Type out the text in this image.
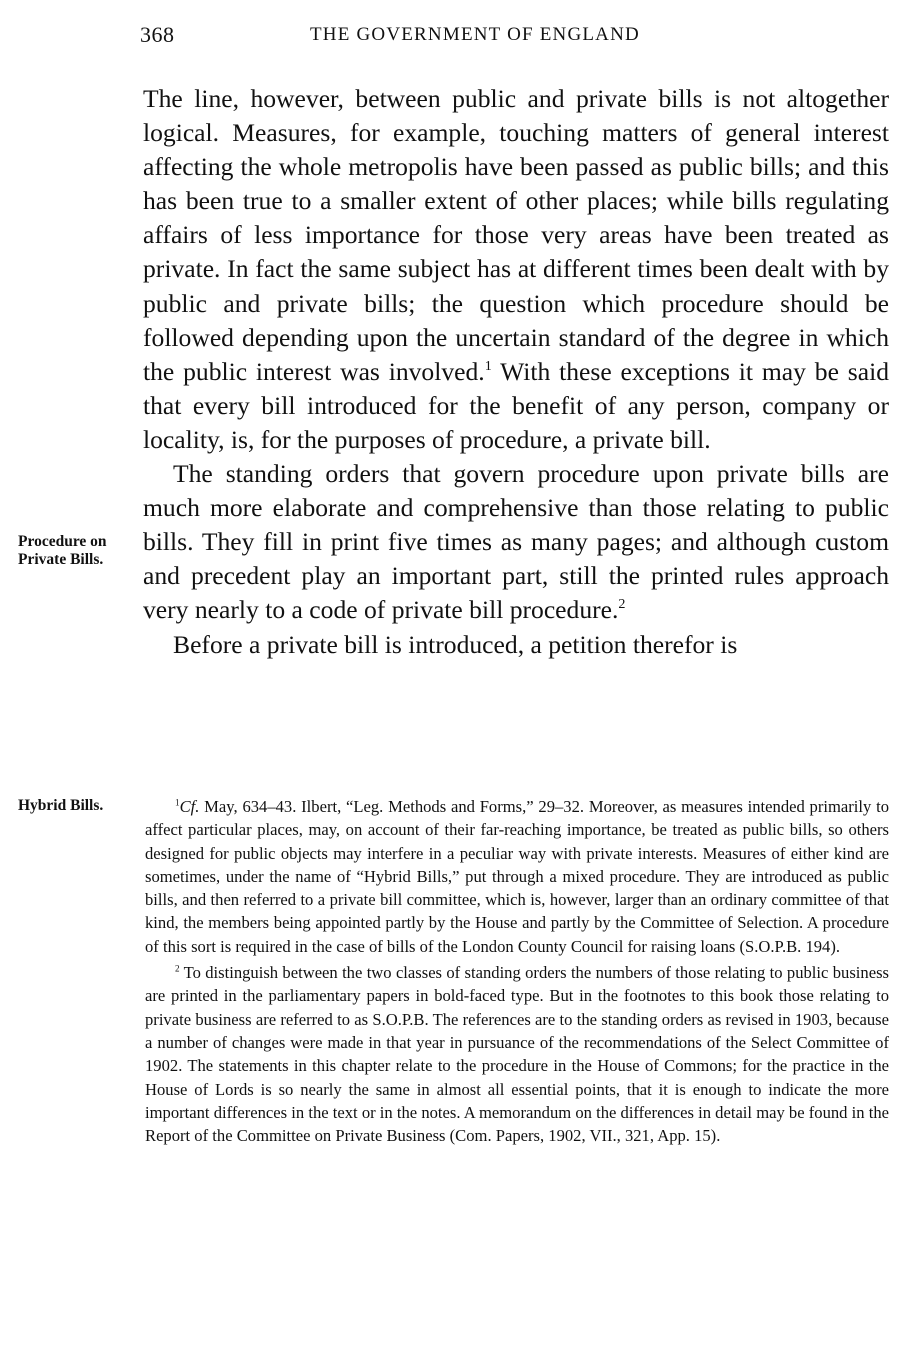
368	THE GOVERNMENT OF ENGLAND

The line, however, between public and private bills is not altogether logical. Measures, for example, touching matters of general interest affecting the whole metropolis have been passed as public bills; and this has been true to a smaller extent of other places; while bills regulating affairs of less importance for those very areas have been treated as private. In fact the same subject has at different times been dealt with by public and private bills; the question which procedure should be followed depending upon the uncertain standard of the degree in which the public interest was involved.$^1$ With these exceptions it may be said that every bill introduced for the benefit of any person, company or locality, is, for the purposes of procedure, a private bill.

The standing orders that govern procedure upon private bills are much more elaborate and comprehensive than those relating to public bills. They fill in print five times as many pages; and although custom and precedent play an important part, still the printed rules approach very nearly to a code of private bill procedure.$^2$

Before a private bill is introduced, a petition therefor is

Procedure on Private Bills.
Hybrid Bills.	$^1$Cf. May, 634–43. Ilbert, “Leg. Methods and Forms,” 29–32. Moreover, as measures intended primarily to affect particular places, may, on account of their far-reaching importance, be treated as public bills, so others designed for public objects may interfere in a peculiar way with private interests. Measures of either kind are sometimes, under the name of “Hybrid Bills,” put through a mixed procedure. They are introduced as public bills, and then referred to a private bill committee, which is, however, larger than an ordinary committee of that kind, the members being appointed partly by the House and partly by the Committee of Selection. A procedure of this sort is required in the case of bills of the London County Council for raising loans (S.O.P.B. 194).

$^2$ To distinguish between the two classes of standing orders the numbers of those relating to public business are printed in the parliamentary papers in bold-faced type. But in the footnotes to this book those relating to private business are referred to as S.O.P.B. The references are to the standing orders as revised in 1903, because a number of changes were made in that year in pursuance of the recommendations of the Select Committee of 1902. The statements in this chapter relate to the procedure in the House of Commons; for the practice in the House of Lords is so nearly the same in almost all essential points, that it is enough to indicate the more important differences in the text or in the notes. A memorandum on the differences in detail may be found in the Report of the Committee on Private Business (Com. Papers, 1902, VII., 321, App. 15).
